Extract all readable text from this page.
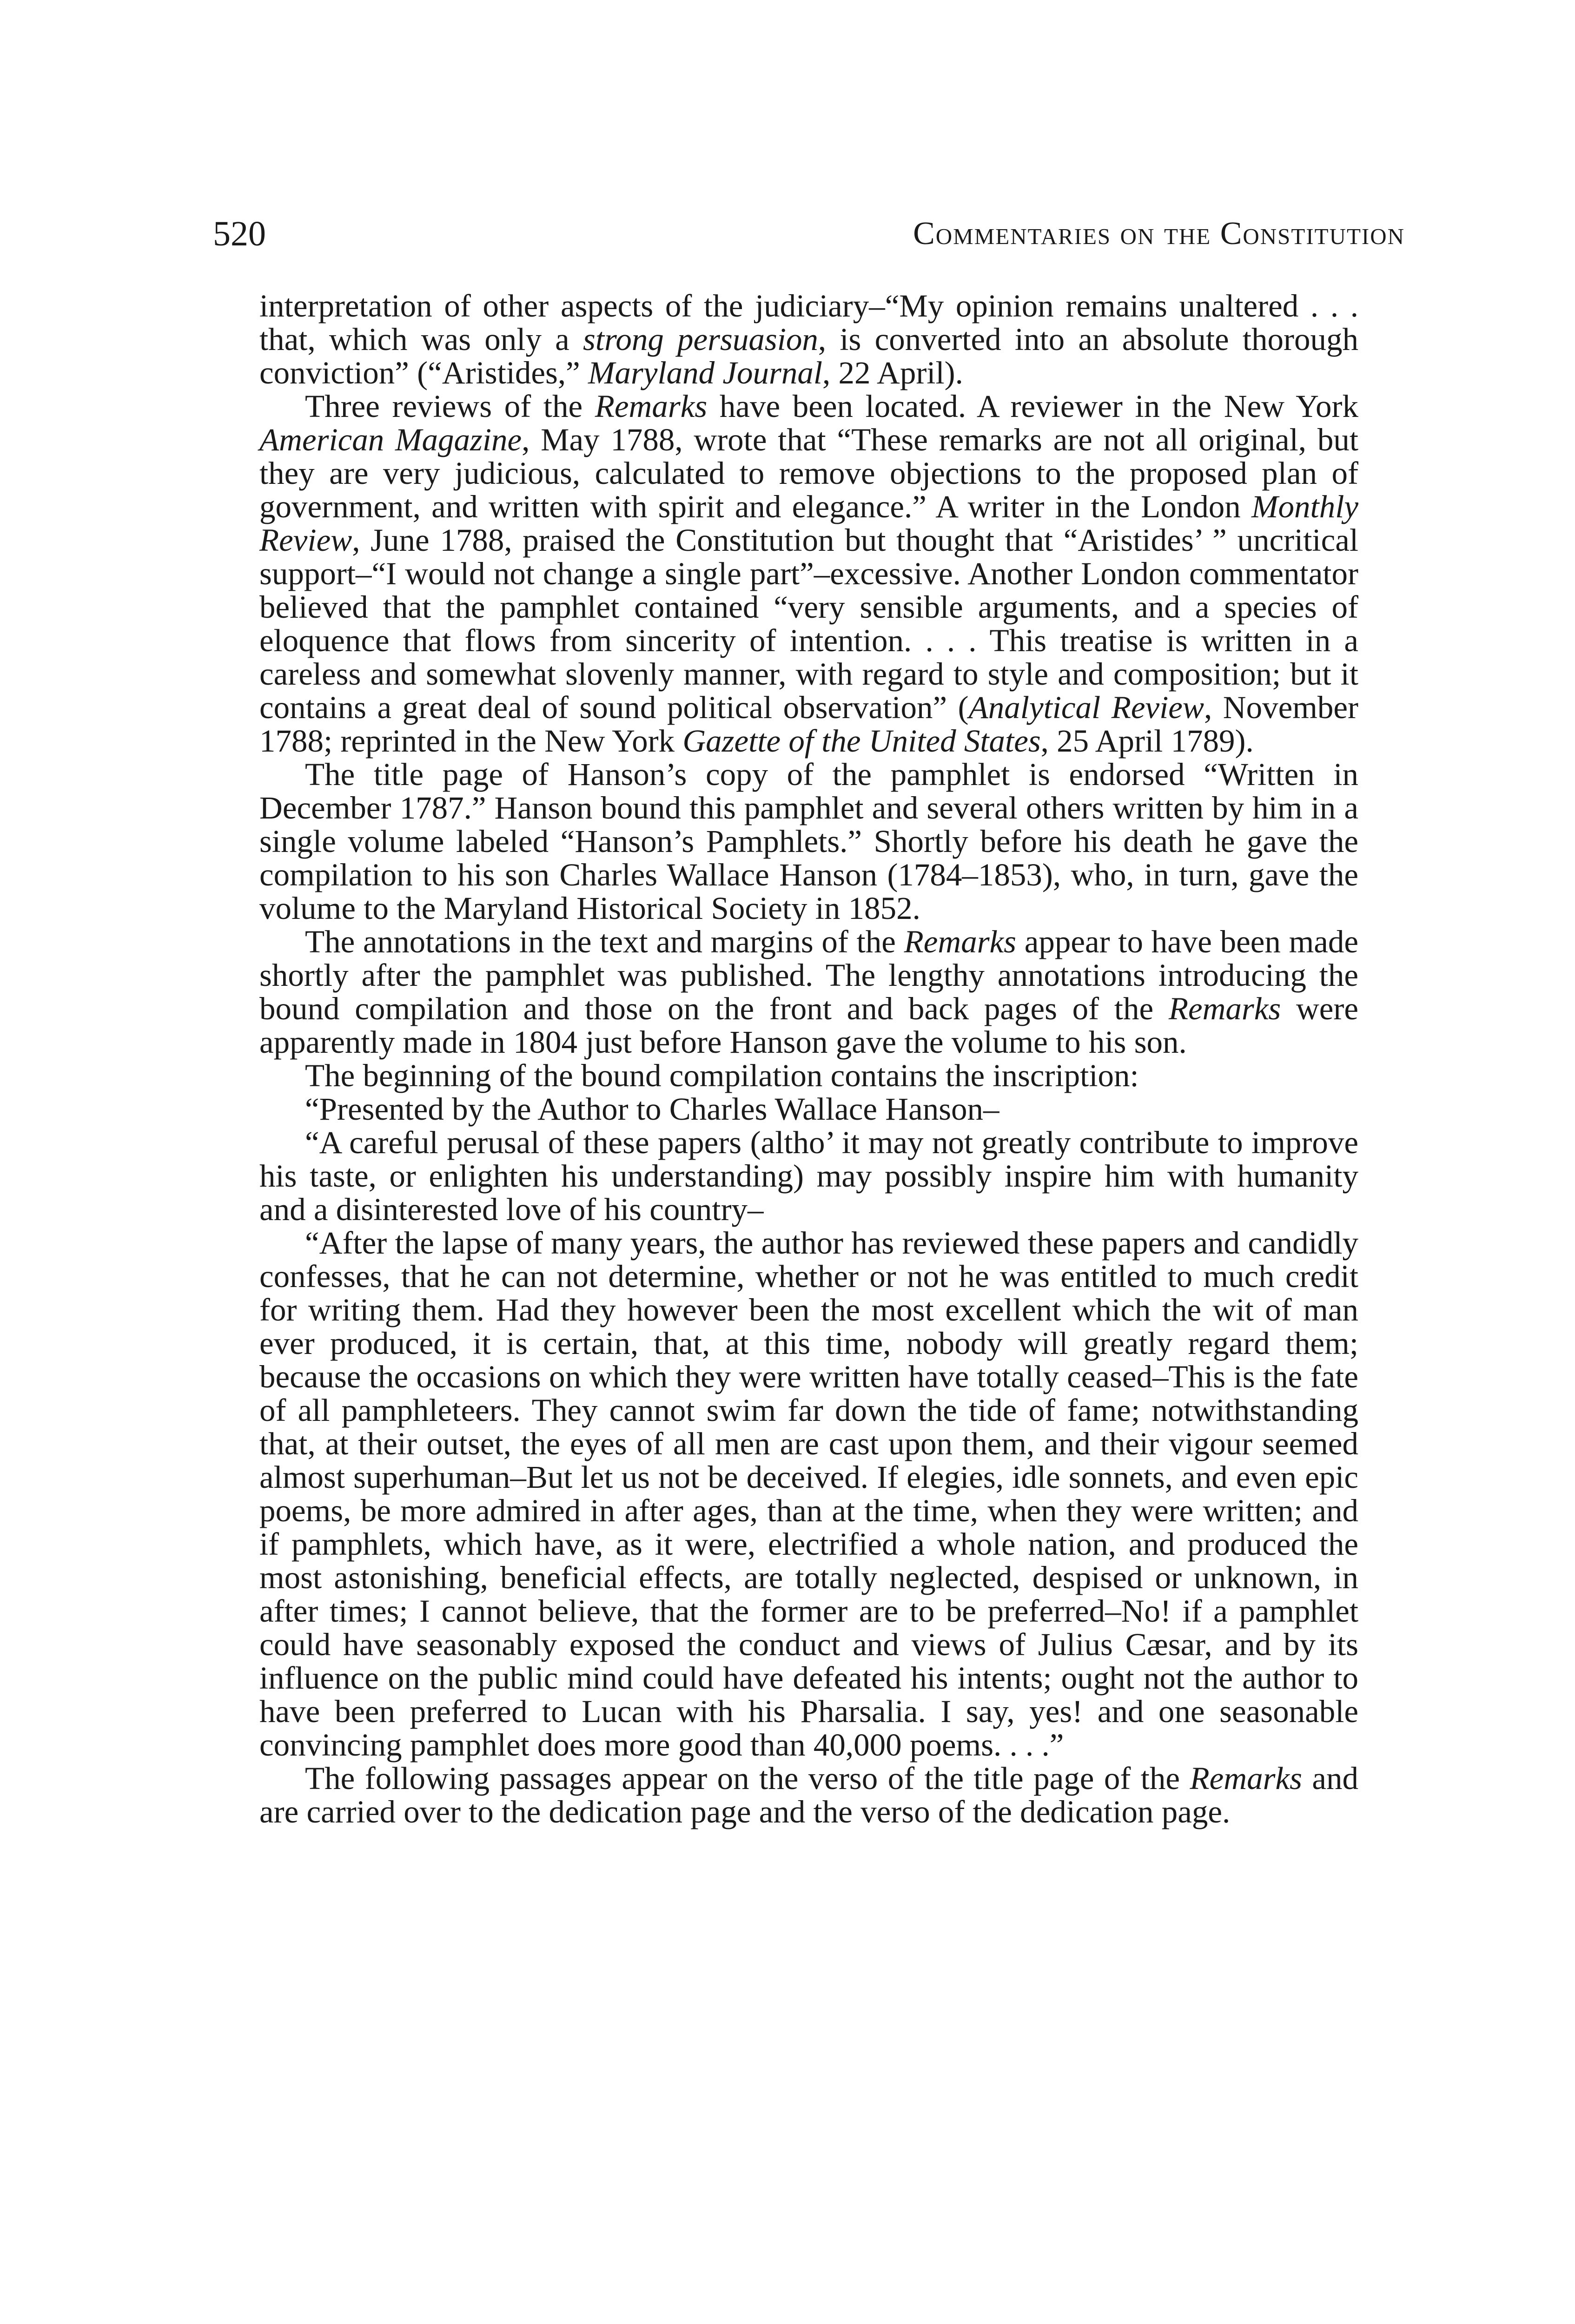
520	Commentaries on the Constitution

interpretation of other aspects of the judiciary–“My opinion remains unaltered . . . that, which was only a strong persuasion, is converted into an absolute thorough conviction” (“Aristides,” Maryland Journal, 22 April).

Three reviews of the Remarks have been located. A reviewer in the New York American Magazine, May 1788, wrote that “These remarks are not all original, but they are very judicious, calculated to remove objections to the proposed plan of government, and written with spirit and elegance.” A writer in the London Monthly Review, June 1788, praised the Constitution but thought that “Aristides’ ” uncritical support–“I would not change a single part”–excessive. Another London commentator believed that the pamphlet contained “very sensible arguments, and a species of eloquence that flows from sincerity of intention. . . . This treatise is written in a careless and somewhat slovenly manner, with regard to style and composition; but it contains a great deal of sound political observation” (Analytical Review, November 1788; reprinted in the New York Gazette of the United States, 25 April 1789).

The title page of Hanson’s copy of the pamphlet is endorsed “Written in December 1787.” Hanson bound this pamphlet and several others written by him in a single volume labeled “Hanson’s Pamphlets.” Shortly before his death he gave the compilation to his son Charles Wallace Hanson (1784–1853), who, in turn, gave the volume to the Maryland Historical Society in 1852.

The annotations in the text and margins of the Remarks appear to have been made shortly after the pamphlet was published. The lengthy annotations introducing the bound compilation and those on the front and back pages of the Remarks were apparently made in 1804 just before Hanson gave the volume to his son.

The beginning of the bound compilation contains the inscription:

“Presented by the Author to Charles Wallace Hanson–

“A careful perusal of these papers (altho’ it may not greatly contribute to improve his taste, or enlighten his understanding) may possibly inspire him with humanity and a disinterested love of his country–

“After the lapse of many years, the author has reviewed these papers and candidly confesses, that he can not determine, whether or not he was entitled to much credit for writing them. Had they however been the most excellent which the wit of man ever produced, it is certain, that, at this time, nobody will greatly regard them; because the occasions on which they were written have totally ceased–This is the fate of all pamphleteers. They cannot swim far down the tide of fame; notwithstanding that, at their outset, the eyes of all men are cast upon them, and their vigour seemed almost superhuman–But let us not be deceived. If elegies, idle sonnets, and even epic poems, be more admired in after ages, than at the time, when they were written; and if pamphlets, which have, as it were, electrified a whole nation, and produced the most astonishing, beneficial effects, are totally neglected, despised or unknown, in after times; I cannot believe, that the former are to be preferred–No! if a pamphlet could have seasonably exposed the conduct and views of Julius Cæsar, and by its influence on the public mind could have defeated his intents; ought not the author to have been preferred to Lucan with his Pharsalia. I say, yes! and one seasonable convincing pamphlet does more good than 40,000 poems. . . .”

The following passages appear on the verso of the title page of the Remarks and are carried over to the dedication page and the verso of the dedication page.
